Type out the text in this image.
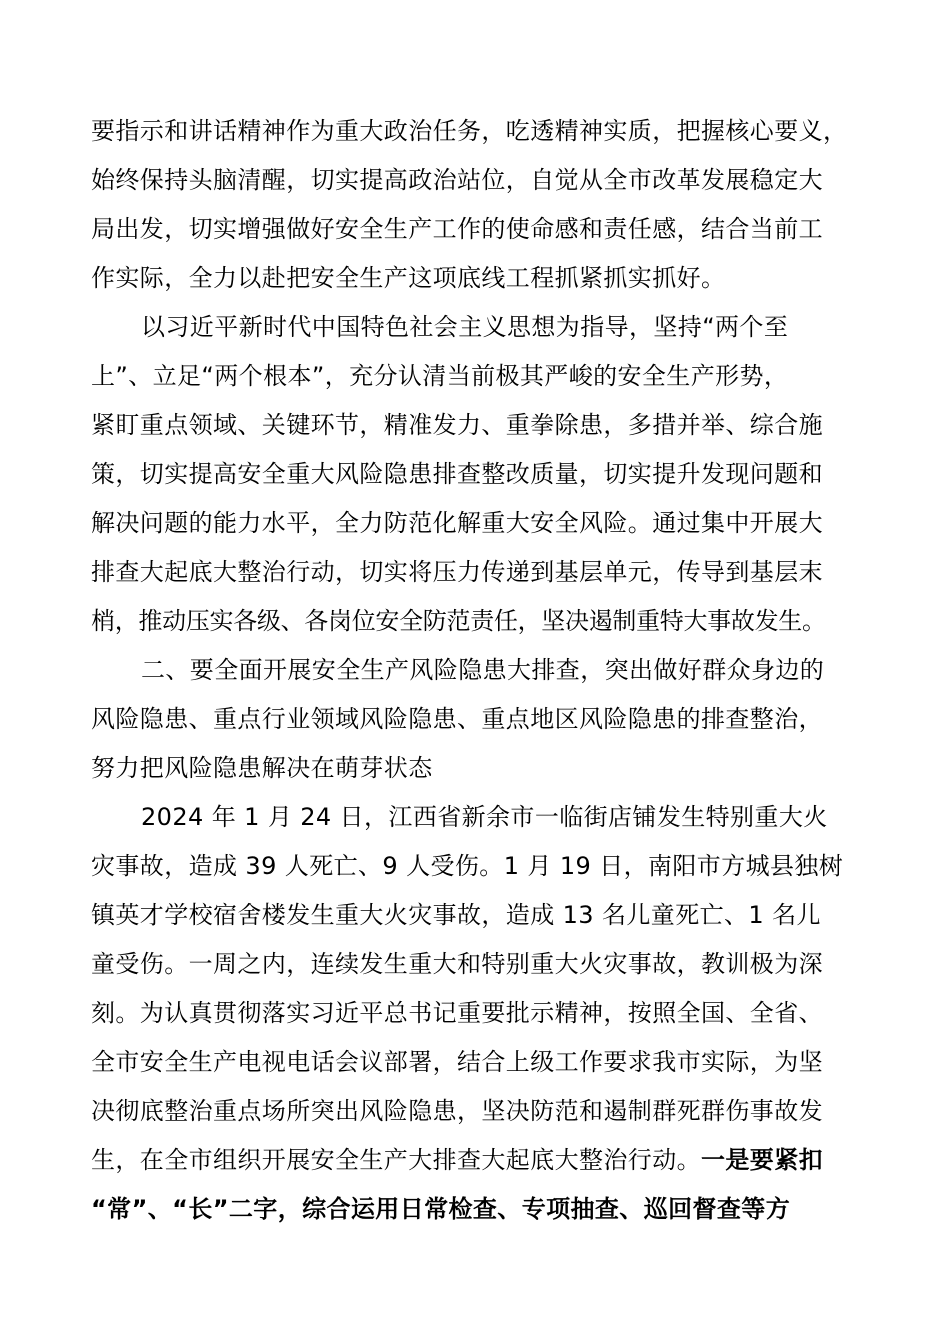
要指示和讲话精神作为重大政治任务，吃透精神实质，把握核心要义，
始终保持头脑清醒，切实提高政治站位，自觉从全市改革发展稳定大
局出发，切实增强做好安全生产工作的使命感和责任感，结合当前工
作实际，全力以赴把安全生产这项底线工程抓紧抓实抓好。
以习近平新时代中国特色社会主义思想为指导，坚持“两个至
上”、立足“两个根本”，充分认清当前极其严峻的安全生产形势，
紧盯重点领域、关键环节，精准发力、重拳除患，多措并举、综合施
策，切实提高安全重大风险隐患排查整改质量，切实提升发现问题和
解决问题的能力水平，全力防范化解重大安全风险。通过集中开展大
排查大起底大整治行动，切实将压力传递到基层单元，传导到基层末
梢，推动压实各级、各岗位安全防范责任，坚决遏制重特大事故发生。
二、要全面开展安全生产风险隐患大排查，突出做好群众身边的
风险隐患、重点行业领域风险隐患、重点地区风险隐患的排查整治，
努力把风险隐患解决在萌芽状态
2024 年 1 月 24 日，江西省新余市一临街店铺发生特别重大火
灾事故，造成 39 人死亡、9 人受伤。1 月 19 日，南阳市方城县独树
镇英才学校宿舍楼发生重大火灾事故，造成 13 名儿童死亡、1 名儿
童受伤。一周之内，连续发生重大和特别重大火灾事故，教训极为深
刻。为认真贯彻落实习近平总书记重要批示精神，按照全国、全省、
全市安全生产电视电话会议部署，结合上级工作要求我市实际，为坚
决彻底整治重点场所突出风险隐患，坚决防范和遏制群死群伤事故发
生，在全市组织开展安全生产大排查大起底大整治行动。一是要紧扣
“常”、“长”二字，综合运用日常检查、专项抽查、巡回督查等方
